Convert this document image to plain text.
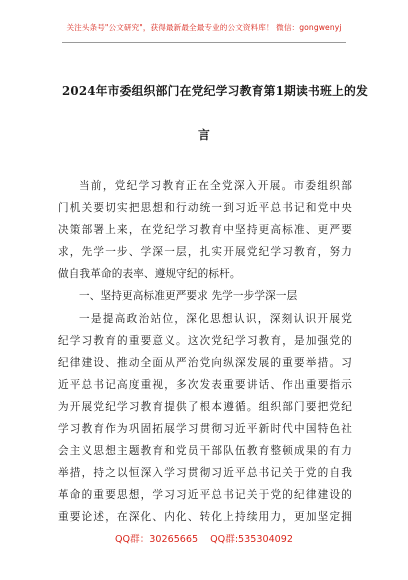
关注头条号"公文研究"，获得最新最全最专业的公文资料库！ 微信：gongwenyj
2024年市委组织部门在党纪学习教育第1期读书班上的发
言
当前，党纪学习教育正在全党深入开展。市委组织部
门机关要切实把思想和行动统一到习近平总书记和党中央
决策部署上来，在党纪学习教育中坚持更高标准、更严要
求，先学一步、学深一层，扎实开展党纪学习教育，努力
做自我革命的表率、遵规守纪的标杆。
一、坚持更高标准更严要求 先学一步学深一层
一是提高政治站位，深化思想认识，深刻认识开展党
纪学习教育的重要意义。这次党纪学习教育，是加强党的
纪律建设、推动全面从严治党向纵深发展的重要举措。习
近平总书记高度重视，多次发表重要讲话、作出重要指示
为开展党纪学习教育提供了根本遵循。组织部门要把党纪
学习教育作为巩固拓展学习贯彻习近平新时代中国特色社
会主义思想主题教育和党员干部队伍教育整顿成果的有力
举措，持之以恒深入学习贯彻习近平总书记关于党的自我
革命的重要思想，学习习近平总书记关于党的纪律建设的
重要论述，在深化、内化、转化上持续用力，更加坚定拥
QQ群：30265665 QQ群:535304092
